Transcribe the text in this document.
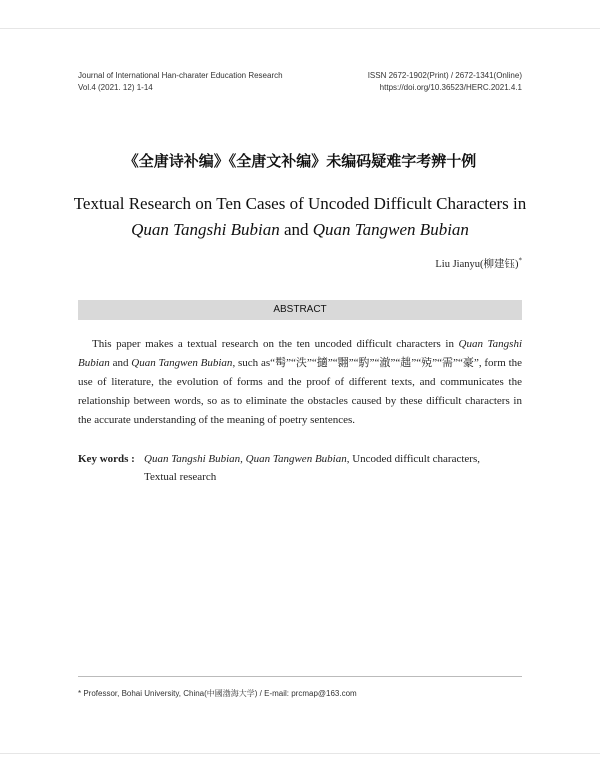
Journal of International Han-charater Education Research
Vol.4 (2021. 12) 1-14
ISSN 2672-1902(Print) / 2672-1341(Online)
https://doi.org/10.36523/HERC.2021.4.1
《全唐诗补编》《全唐文补编》未编码疑难字考辨十例
Textual Research on Ten Cases of Uncoded Difficult Characters in
Quan Tangshi Bubian and Quan Tangwen Bubian
Liu Jianyu(柳建钰)*
ABSTRACT

This paper makes a textual research on the ten uncoded difficult characters in Quan Tangshi Bubian and Quan Tangwen Bubian, such as“髩”“泆”“擿”“翾”“馰”“澈”“趉”“殑”“需”“豪”, form the use of literature, the evolution of forms and the proof of different texts, and communicates the relationship between words, so as to eliminate the obstacles caused by these difficult characters in the accurate understanding of the meaning of poetry sentences.

Key words : Quan Tangshi Bubian, Quan Tangwen Bubian, Uncoded difficult characters,
Textual research
* Professor, Bohai University, China(中國渤海大学) / E-mail: prcmap@163.com
